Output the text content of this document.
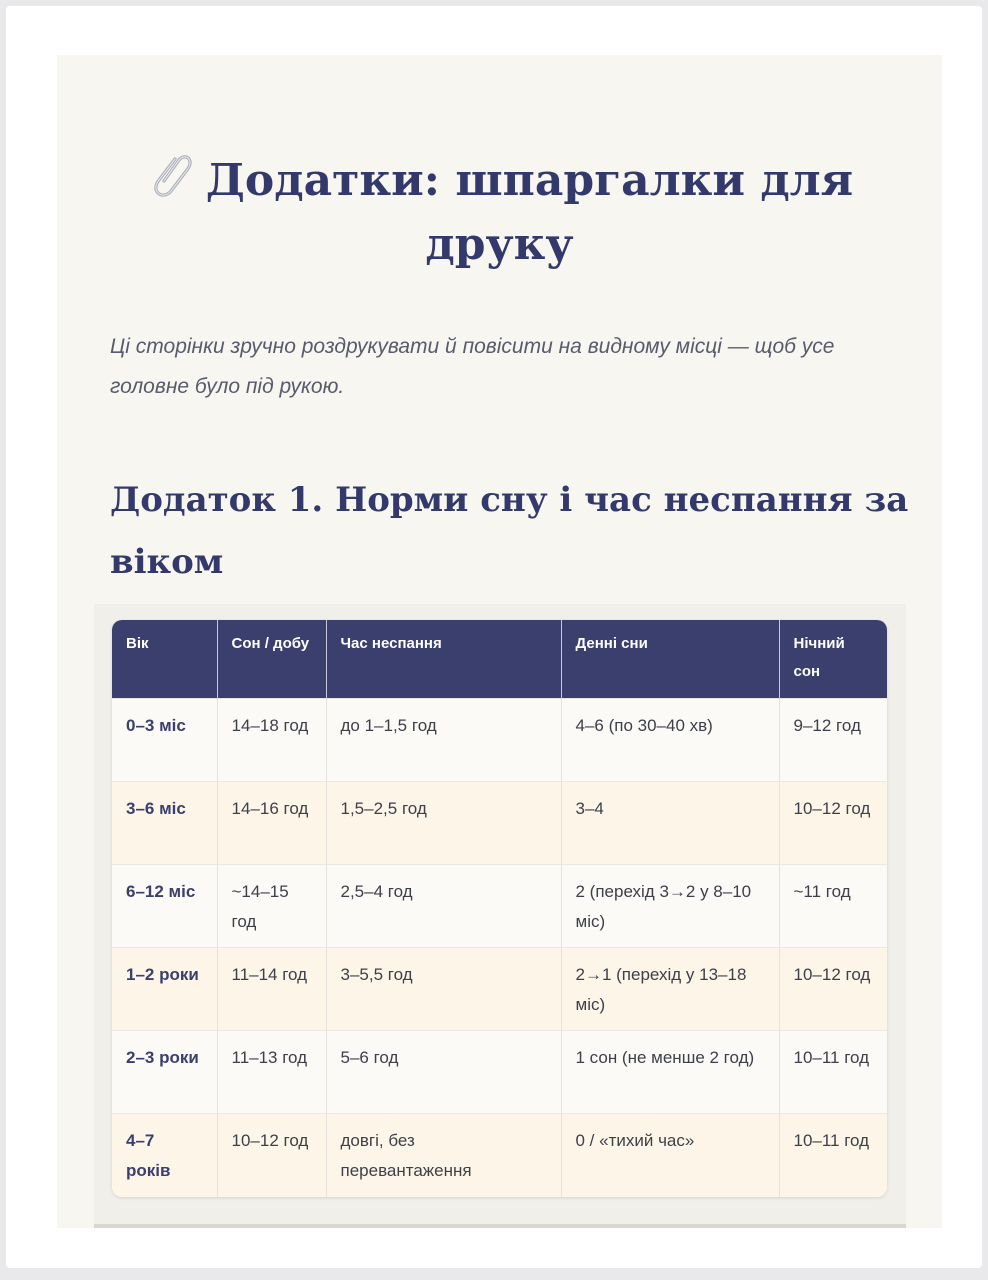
Додатки: шпаргалки для друку

Ці сторінки зручно роздрукувати й повісити на видному місці — щоб усе головне було під рукою.

Додаток 1. Норми сну і час неспання за віком
Вік	Сон / добу	Час неспання	Денні сни	Нічний сон
0–3 міс	14–18 год	до 1–1,5 год	4–6 (по 30–40 хв)	9–12 год
3–6 міс	14–16 год	1,5–2,5 год	3–4	10–12 год
6–12 міс	~14–15 год	2,5–4 год	2 (перехід 3→2 у 8–10 міс)	~11 год
1–2 роки	11–14 год	3–5,5 год	2→1 (перехід у 13–18 міс)	10–12 год
2–3 роки	11–13 год	5–6 год	1 сон (не менше 2 год)	10–11 год
4–7 років	10–12 год	довгі, без перевантаження	0 / «тихий час»	10–11 год
